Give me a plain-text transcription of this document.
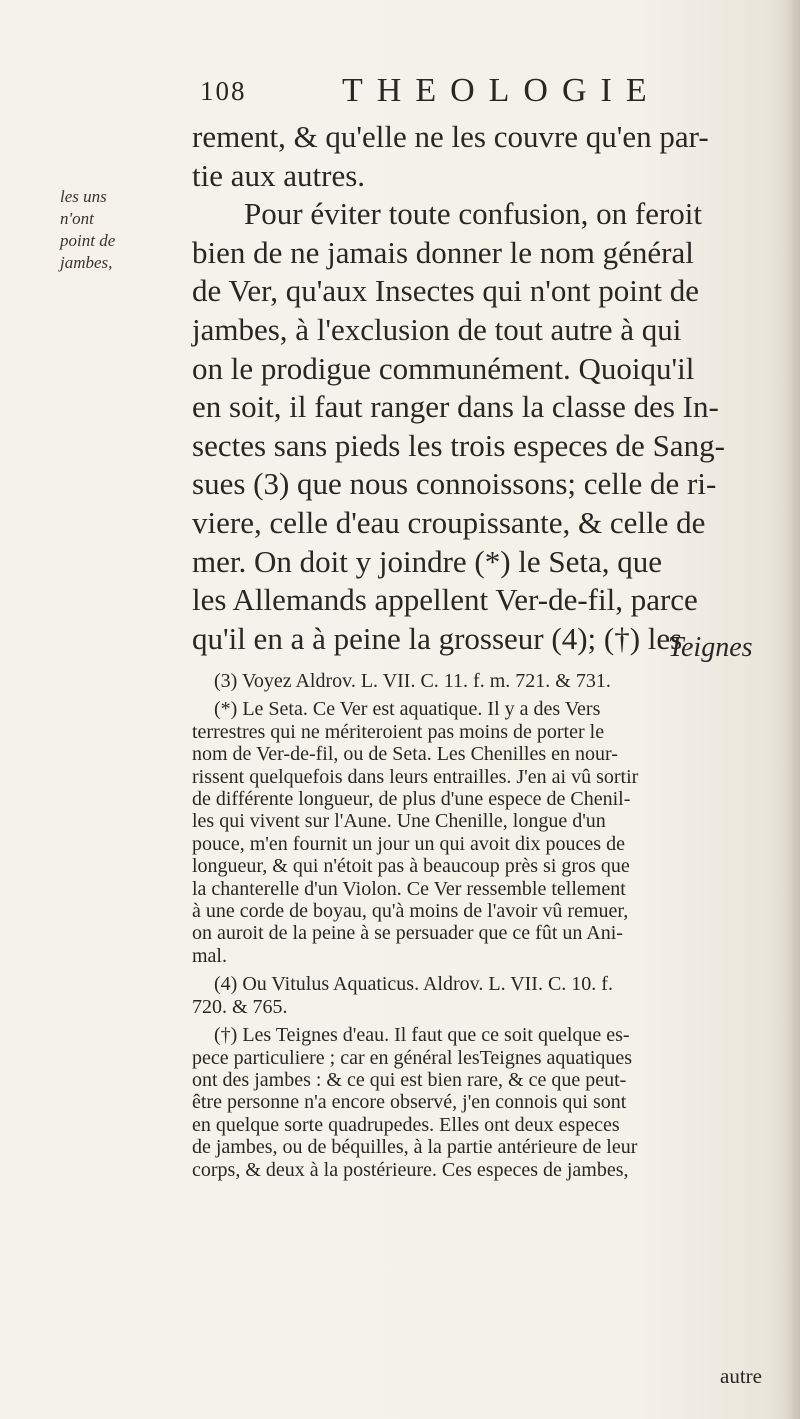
108	THEOLOGIE
les uns
n'ont
point de
jambes,
rement, & qu'elle ne les couvre qu'en par-
tie aux autres.
Pour éviter toute confusion, on feroit
bien de ne jamais donner le nom général
de Ver, qu'aux Insectes qui n'ont point de
jambes, à l'exclusion de tout autre à qui
on le prodigue communément. Quoiqu'il
en soit, il faut ranger dans la classe des In-
sectes sans pieds les trois especes de Sang-
sues (3) que nous connoissons; celle de ri-
viere, celle d'eau croupissante, & celle de
mer. On doit y joindre (*) le Seta, que
les Allemands appellent Ver-de-fil, parce
qu'il en a à peine la grosseur (4); (†) les
Teignes

(3) Voyez Aldrov. L. VII. C. 11. f. m. 721. & 731.

(*) Le Seta. Ce Ver est aquatique. Il y a des Vers
terrestres qui ne mériteroient pas moins de porter le
nom de Ver-de-fil, ou de Seta. Les Chenilles en nour-
rissent quelquefois dans leurs entrailles. J'en ai vû sortir
de différente longueur, de plus d'une espece de Chenil-
les qui vivent sur l'Aune. Une Chenille, longue d'un
pouce, m'en fournit un jour un qui avoit dix pouces de
longueur, & qui n'étoit pas à beaucoup près si gros que
la chanterelle d'un Violon. Ce Ver ressemble tellement
à une corde de boyau, qu'à moins de l'avoir vû remuer,
on auroit de la peine à se persuader que ce fût un Ani-
mal.

(4) Ou Vitulus Aquaticus. Aldrov. L. VII. C. 10. f.
720. & 765.

(†) Les Teignes d'eau. Il faut que ce soit quelque es-
pece particuliere ; car en général lesTeignes aquatiques
ont des jambes : & ce qui est bien rare, & ce que peut-
être personne n'a encore observé, j'en connois qui sont
en quelque sorte quadrupedes. Elles ont deux especes
de jambes, ou de béquilles, à la partie antérieure de leur
corps, & deux à la postérieure. Ces especes de jambes,

autre
